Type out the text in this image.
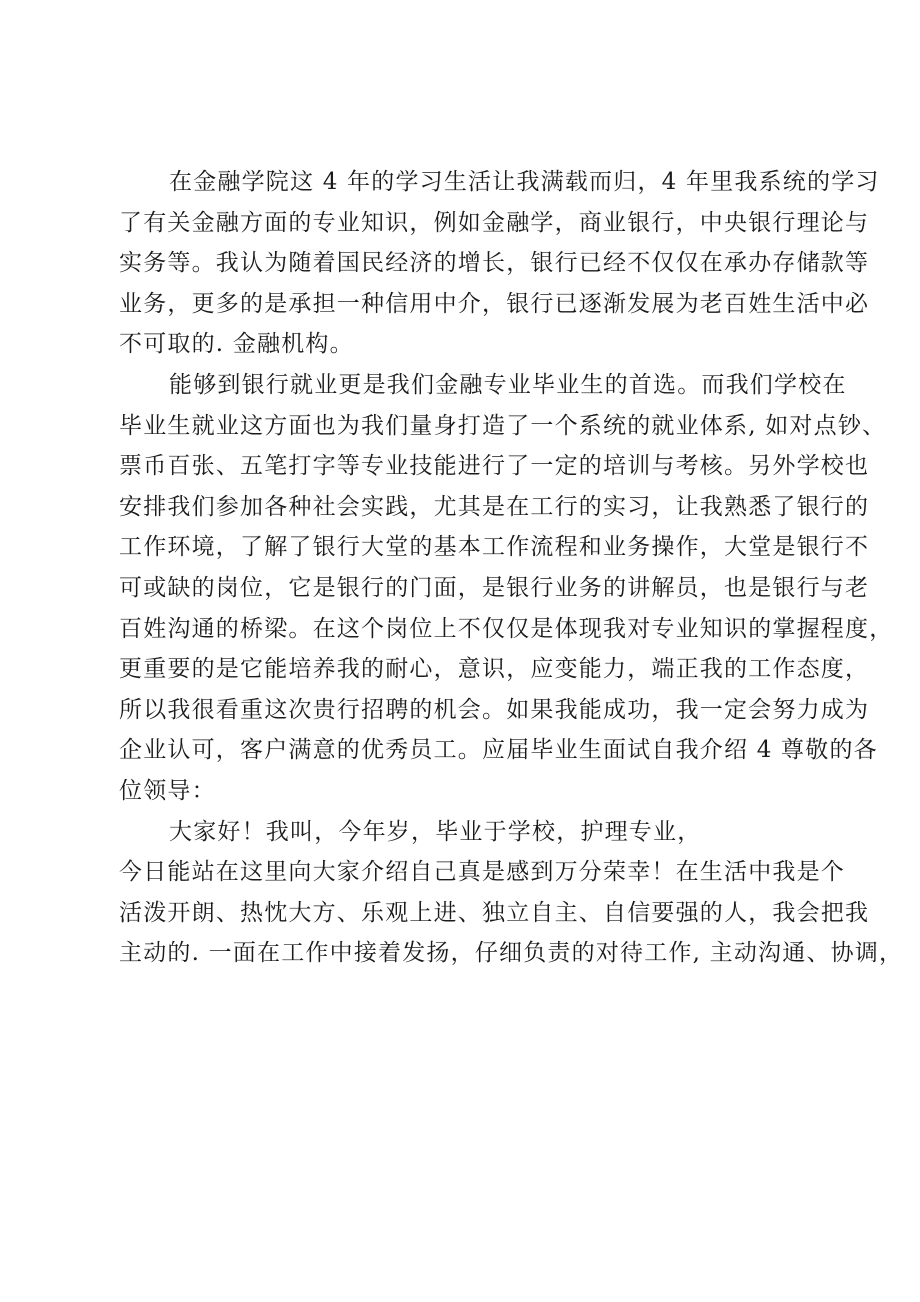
在金融学院这 4 年的学习生活让我满载而归，4 年里我系统的学习
了有关金融方面的专业知识，例如金融学，商业银行，中央银行理论与
实务等。我认为随着国民经济的增长，银行已经不仅仅在承办存储款等
业务，更多的是承担一种信用中介，银行已逐渐发展为老百姓生活中必
不可取的. 金融机构。
能够到银行就业更是我们金融专业毕业生的首选。而我们学校在
毕业生就业这方面也为我们量身打造了一个系统的就业体系, 如对点钞、
票币百张、五笔打字等专业技能进行了一定的培训与考核。另外学校也
安排我们参加各种社会实践，尤其是在工行的实习，让我熟悉了银行的
工作环境，了解了银行大堂的基本工作流程和业务操作，大堂是银行不
可或缺的岗位，它是银行的门面，是银行业务的讲解员，也是银行与老
百姓沟通的桥梁。在这个岗位上不仅仅是体现我对专业知识的掌握程度，
更重要的是它能培养我的耐心，意识，应变能力，端正我的工作态度，
所以我很看重这次贵行招聘的机会。如果我能成功，我一定会努力成为
企业认可，客户满意的优秀员工。应届毕业生面试自我介绍 4 尊敬的各
位领导：
大家好！我叫，今年岁，毕业于学校，护理专业，
今日能站在这里向大家介绍自己真是感到万分荣幸！在生活中我是个
活泼开朗、热忱大方、乐观上进、独立自主、自信要强的人，我会把我
主动的. 一面在工作中接着发扬，仔细负责的对待工作, 主动沟通、协调，
